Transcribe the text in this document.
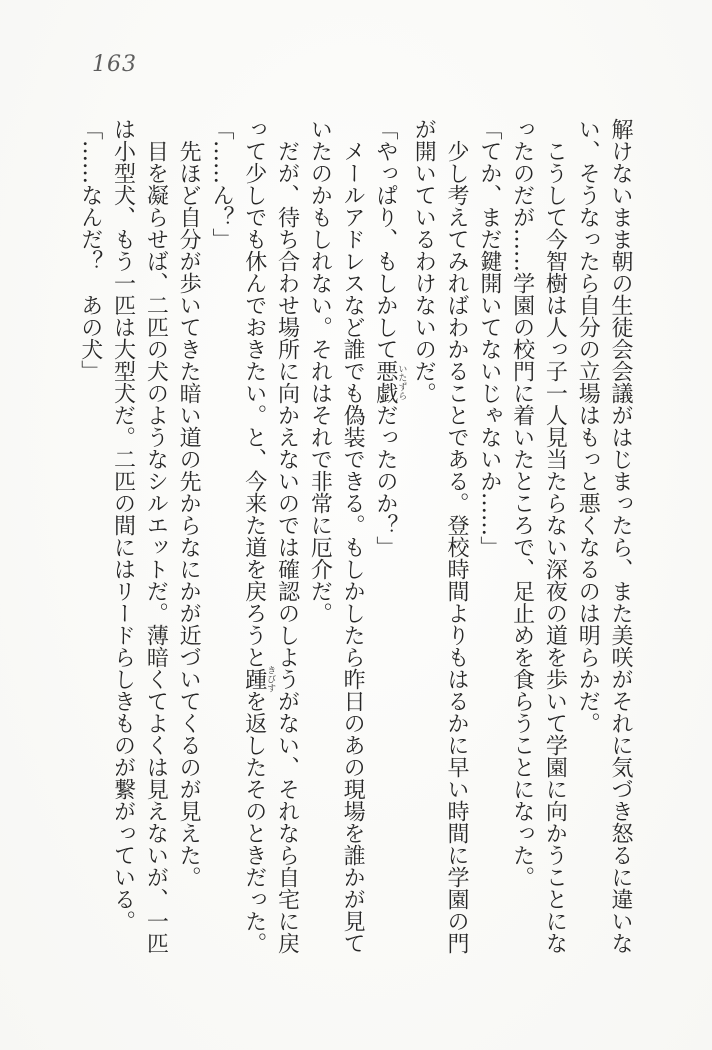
163

解けないまま朝の生徒会会議がはじまったら、また美咲がそれに気づき怒るに違いない、そうなったら自分の立場はもっと悪くなるのは明らかだ。

こうして今智樹は人っ子一人見当たらない深夜の道を歩いて学園に向かうことになったのだが……学園の校門に着いたところで、足止めを食らうことになった。

「てか、まだ鍵開いてないじゃないか……」

少し考えてみればわかることである。登校時間よりもはるかに早い時間に学園の門が開いているわけないのだ。

「やっぱり、もしかして悪戯いたずらだったのか？」

メールアドレスなど誰でも偽装できる。もしかしたら昨日のあの現場を誰かが見ていたのかもしれない。それはそれで非常に厄介だ。

だが、待ち合わせ場所に向かえないのでは確認のしようがない、それなら自宅に戻って少しでも休んでおきたい。と、今来た道を戻ろうと踵きびすを返したそのときだった。

「……ん？」

先ほど自分が歩いてきた暗い道の先からなにかが近づいてくるのが見えた。

目を凝らせば、二匹の犬のようなシルエットだ。薄暗くてよくは見えないが、一匹は小型犬、もう一匹は大型犬だ。二匹の間にはリードらしきものが繋がっている。

「……なんだ？　あの犬」
